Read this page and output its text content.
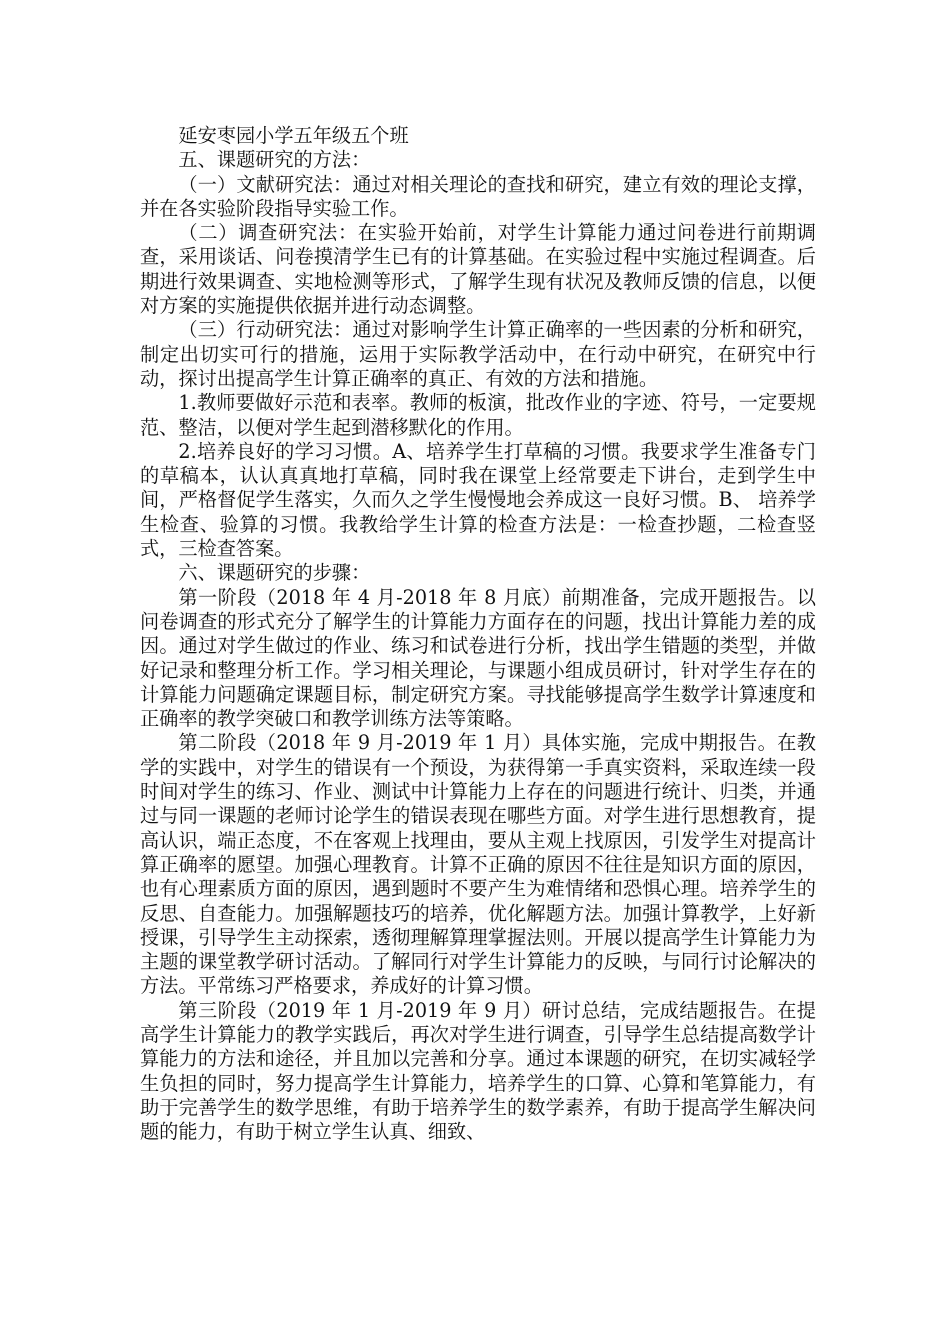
延安枣园小学五年级五个班

五、课题研究的方法：

（一）文献研究法：通过对相关理论的查找和研究，建立有效的理论支撑，并在各实验阶段指导实验工作。

（二）调查研究法：在实验开始前，对学生计算能力通过问卷进行前期调查，采用谈话、问卷摸清学生已有的计算基础。在实验过程中实施过程调查。后期进行效果调查、实地检测等形式，了解学生现有状况及教师反馈的信息，以便对方案的实施提供依据并进行动态调整。

（三）行动研究法：通过对影响学生计算正确率的一些因素的分析和研究，制定出切实可行的措施，运用于实际教学活动中，在行动中研究，在研究中行动，探讨出提高学生计算正确率的真正、有效的方法和措施。

1.教师要做好示范和表率。教师的板演，批改作业的字迹、符号，一定要规范、整洁，以便对学生起到潜移默化的作用。

2.培养良好的学习习惯。A、培养学生打草稿的习惯。我要求学生准备专门的草稿本，认认真真地打草稿，同时我在课堂上经常要走下讲台，走到学生中间，严格督促学生落实，久而久之学生慢慢地会养成这一良好习惯。B、 培养学生检查、验算的习惯。我教给学生计算的检查方法是：一检查抄题，二检查竖式，三检查答案。

六、课题研究的步骤：

第一阶段（2018 年 4 月-2018 年 8 月底）前期准备，完成开题报告。以问卷调查的形式充分了解学生的计算能力方面存在的问题，找出计算能力差的成因。通过对学生做过的作业、练习和试卷进行分析，找出学生错题的类型，并做好记录和整理分析工作。学习相关理论，与课题小组成员研讨，针对学生存在的计算能力问题确定课题目标，制定研究方案。寻找能够提高学生数学计算速度和正确率的教学突破口和教学训练方法等策略。

第二阶段（2018 年 9 月-2019 年 1 月）具体实施，完成中期报告。在教学的实践中，对学生的错误有一个预设，为获得第一手真实资料，采取连续一段时间对学生的练习、作业、测试中计算能力上存在的问题进行统计、归类，并通过与同一课题的老师讨论学生的错误表现在哪些方面。对学生进行思想教育，提高认识，端正态度，不在客观上找理由，要从主观上找原因，引发学生对提高计算正确率的愿望。加强心理教育。计算不正确的原因不往往是知识方面的原因，也有心理素质方面的原因，遇到题时不要产生为难情绪和恐惧心理。培养学生的反思、自查能力。加强解题技巧的培养，优化解题方法。加强计算教学，上好新授课，引导学生主动探索，透彻理解算理掌握法则。开展以提高学生计算能力为主题的课堂教学研讨活动。了解同行对学生计算能力的反映，与同行讨论解决的方法。平常练习严格要求，养成好的计算习惯。

第三阶段（2019 年 1 月-2019 年 9 月）研讨总结，完成结题报告。在提高学生计算能力的教学实践后，再次对学生进行调查，引导学生总结提高数学计算能力的方法和途径，并且加以完善和分享。通过本课题的研究，在切实减轻学生负担的同时，努力提高学生计算能力，培养学生的口算、心算和笔算能力，有助于完善学生的数学思维，有助于培养学生的数学素养，有助于提高学生解决问题的能力，有助于树立学生认真、细致、
